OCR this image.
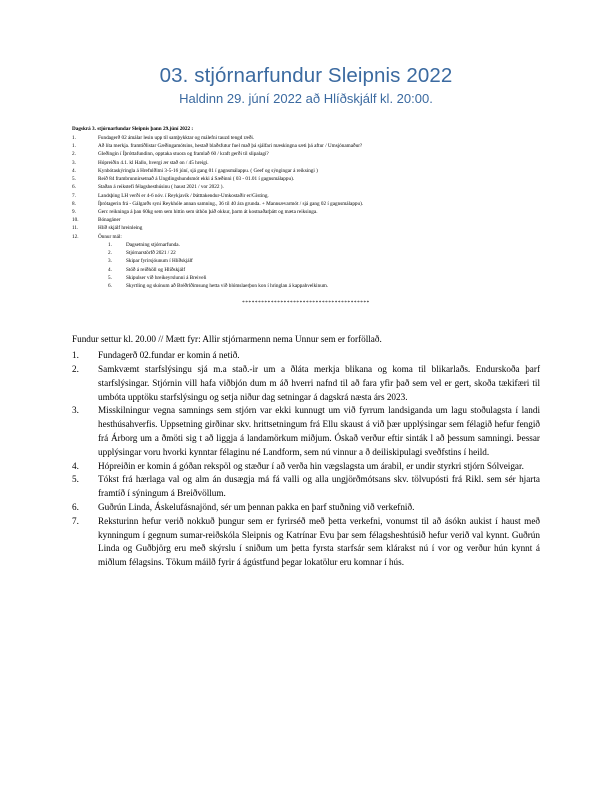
03. stjórnarfundur Sleipnis 2022
Haldinn 29. júní 2022 að Hlíðskjálf kl. 20:00.
Dagskrá 3. stjórnarfundar Sleipnis þann 29.júní 2022 :
1.	Fundagerð 02 ámálar lesin upp til samþykktar og málefni tauzd tengd ræði.
1.	Að líta merkja. framtíðlistar Gæðingamótsins, hestað blaðsfutur fuel mað þá sjálfari mæskingna sæti þá aftur / Umsjónamaður?
2.	Gleðingin í Íþróttafundinn, opptaka stuora og framlað 60 / kraft gerði til slipalagi?
3.	Hópreiðin 4.1. kl Hallo, hvergi ær stað on / 45 hreigi.
4.	Kynbótaskýringla á Hrefnlðimi 3-5-16 júní, sjá gang 01 í gagnsmálappu. ( Geef og sýngingar á reiksingi )
5.	Reið 84 frambrunnirsetnað á Ungdingshundsmót ekki á Sæðinni ( 03 - 01.01 í gagnsmálappu).
6.	Staðan á reikstefi félagshesthúsinu ( haust 2021 / vor 2022 ).
7.	Landsþing LH verði er 4-6 nóv. í Reykjavík / Þátttakendur-Umkostaðir er/Gisting.
8.	Íþrótagerin frá - Gálgarðs syni Reykhóle annan samning., 36 til 40 ára grunda. + Mannsævarmót / sjá gang 02 í gagnsmálappu).
9.	Gerc reikninga á þan 60kg sem sem hittin sem úthön þáð okkur, þarm át kostnaðarþátt og mæta reiksinga.
10.	Bónagáner
11.	Hlíð skjálf hreinleing
12.	Önnur mál:
1.	Dagsetning stjórnarfunda.
2.	Stjórnarstörfð 2021 / 22
3.	Skipar fyrirsjóunum í Hlíðskjálf
4.	Stöð á reiðhöll og Hlíðskjálf
5.	Skipulser við hreikeyrslunni á Breiveli
6.	Skyrtling og skónum að Bréðrlðimsung hetta við blómslaerþon kon í hringlan á kappahvelkinum.
****************************************

Fundur settur kl. 20.00 // Mætt fyr: Allir stjórnarmenn nema Unnur sem er forföllað.

1.	Fundagerð 02.fundar er komin á netið.
2.	Samkvæmt starfslýsingu sjá m.a stað.-ir um a ðláta merkja blikana og koma til blikarlaðs. Endurskoða þarf starfslýsingar. Stjórnin vill hafa viðbjón dum m áð hverri nafnd til að fara yfir það sem vel er gert, skoða tækifæri til umbóta upptöku starfslýsingu og setja niður dag setningar á dagskrá næsta árs 2023.
3.	Misskilningur vegna samnings sem stjórn var ekki kunnugt um við fyrrum landsiganda um lagu stoðulagsta í landi hesthúsahverfis. Uppsetning girðinar skv. hrittsetningum frá Ellu skaust á við þær upplýsingar sem félagið hefur fengið frá Árborg um a ðmöti sig t að liggja á landamörkum miðjum. Óskað verður eftir sinták l að þessum samningi. Þessar upplýsingar voru hvorki kynntar félaginu né Landform, sem nú vinnur a ð deiliskipulagi sveðfstins í heild.
4.	Hópreiðin er komin á góðan rekspöl og stæður í að verða hin vægslagsta um árabil, er undir styrkri stjórn Sólveigar.
5.	Tókst frá hærlaga val og alm án dusægja má fá valli og alla ungjörðmótsans skv. tölvupósti frá Rikl. sem sér hjarta framtíð í sýningum á Breiðvöllum.
6.	Guðrún Linda, Áskelufásnajönd, sér um þennan pakka en þarf stuðning við verkefnið.
7.	Reksturinn hefur verið nokkuð þungur sem er fyrirséð með þetta verkefni, vonumst til að ásókn aukist í haust með kynningum í gegnum sumar-reiðskóla Sleipnis og Katrínar Evu þar sem félagsheshtúsið hefur verið val kynnt. Guðrún Linda og Guðbjörg eru með skýrslu í sniðum um þetta fyrsta starfsár sem klárakst nú í vor og verður hún kynnt á miðlum félagsins. Tökum máilð fyrir á ágústfund þegar lokatölur eru komnar í hús.
